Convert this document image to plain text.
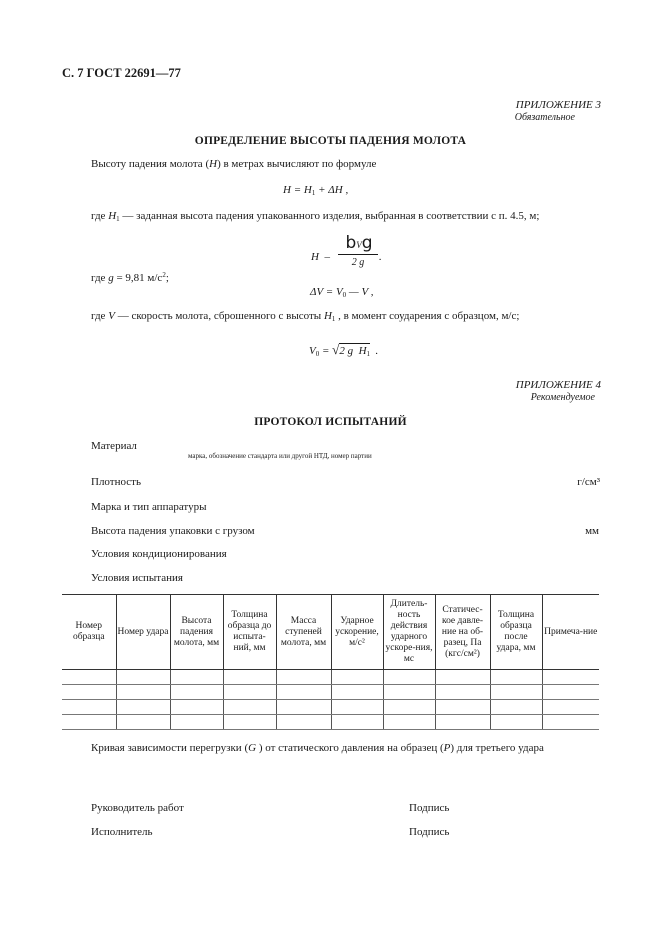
С. 7 ГОСТ 22691—77
ПРИЛОЖЕНИЕ 3
Обязательное
ОПРЕДЕЛЕНИЕ ВЫСОТЫ ПАДЕНИЯ МОЛОТА
Высоту падения молота (H) в метрах вычисляют по формуле
$H = H_1 + \Delta H$ ,
где $H_1$ — заданная высота падения упакованного изделия, выбранная в соответствии с п. 4.5, м;
H  –
bVg
2 g	.
где g = 9,81 $м/с^2$;
$\Delta V = V_0$ — V ,
где V — скорость молота, сброшенного с высоты $H_1$ , в момент соударения с образцом, м/с;
$V_0 = √2$ g $H_1$  .
ПРИЛОЖЕНИЕ 4
Рекомендуемое
ПРОТОКОЛ ИСПЫТАНИЙ
Материал
марка, обозначение стандарта или другой НТД, номер партии
Плотность	г/см³
Марка и тип аппаратуры
Высота падения упаковки с грузом	мм
Условия кондиционирования
Условия испытания
Номер образца	Номер удара	Высота падения молота, мм	Толщина образца до испыта-ний, мм	Масса ступеней молота, мм	Ударное ускорение, м/с²	Длитель-ность действия ударного ускоре-ния, мс	Статичес-кое давле-ние на об-разец, Па (кгс/см²)	Толщина образца после удара, мм	Примеча-ние

Кривая зависимости перегрузки (G ) от статического давления на образец (P) для третьего удара
Руководитель работ	Подпись
Исполнитель	Подпись
